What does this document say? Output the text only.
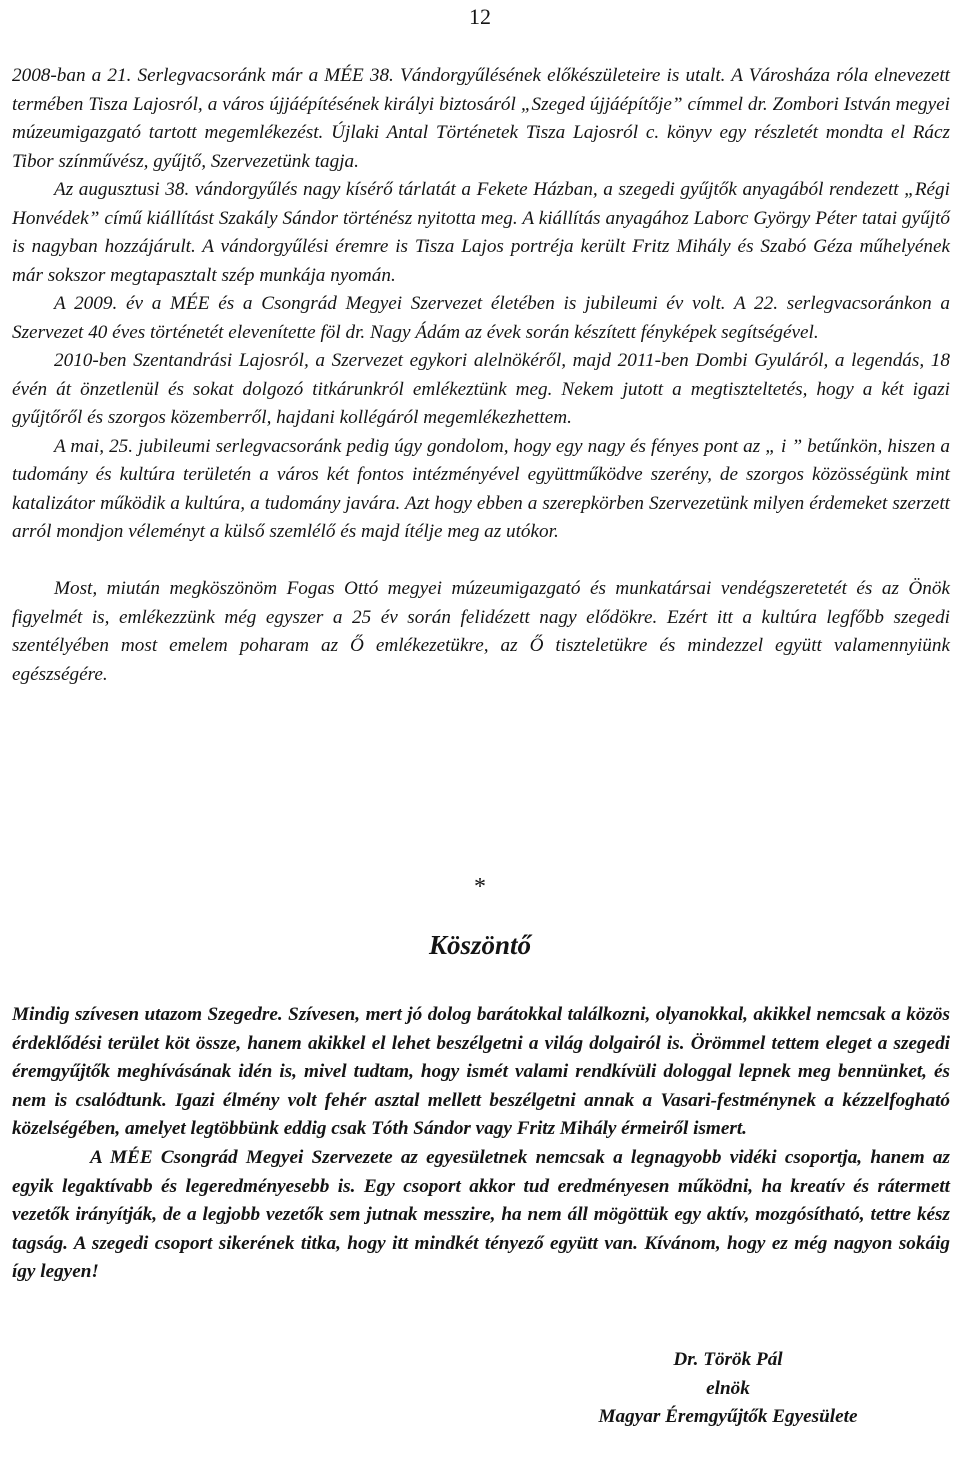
12

2008-ban a 21. Serlegvacsoránk már a MÉE 38. Vándorgyűlésének előkészületeire is utalt. A Városháza róla elnevezett termében Tisza Lajosról, a város újjáépítésének királyi biztosáról „Szeged újjáépítője” címmel dr. Zombori István megyei múzeumigazgató tartott megemlékezést. Újlaki Antal Történetek Tisza Lajosról c. könyv egy részletét mondta el Rácz Tibor színművész, gyűjtő, Szervezetünk tagja.

Az augusztusi 38. vándorgyűlés nagy kísérő tárlatát a Fekete Házban, a szegedi gyűjtők anyagából rendezett „Régi Honvédek” című kiállítást Szakály Sándor történész nyitotta meg. A kiállítás anyagához Laborc György Péter tatai gyűjtő is nagyban hozzájárult. A vándorgyűlési éremre is Tisza Lajos portréja került Fritz Mihály és Szabó Géza műhelyének már sokszor megtapasztalt szép munkája nyomán.

A 2009. év a MÉE és a Csongrád Megyei Szervezet életében is jubileumi év volt. A 22. serlegvacsoránkon a Szervezet 40 éves történetét elevenítette föl dr. Nagy Ádám az évek során készített fényképek segítségével.

2010-ben Szentandrási Lajosról, a Szervezet egykori alelnökéről, majd 2011-ben Dombi Gyuláról, a legendás, 18 évén át önzetlenül és sokat dolgozó titkárunkról emlékeztünk meg. Nekem jutott a megtiszteltetés, hogy a két igazi gyűjtőről és szorgos közemberről, hajdani kollégáról megemlékezhettem.

A mai, 25. jubileumi serlegvacsoránk pedig úgy gondolom, hogy egy nagy és fényes pont az „ i ” betűnkön, hiszen a tudomány és kultúra területén a város két fontos intézményével együttműködve szerény, de szorgos közösségünk mint katalizátor működik a kultúra, a tudomány javára. Azt hogy ebben a szerepkörben Szervezetünk milyen érdemeket szerzett arról mondjon véleményt a külső szemlélő és majd ítélje meg az utókor.

Most, miután megköszönöm Fogas Ottó megyei múzeumigazgató és munkatársai vendégszeretetét és az Önök figyelmét is, emlékezzünk még egyszer a 25 év során felidézett nagy elődökre. Ezért itt a kultúra legfőbb szegedi szentélyében most emelem poharam az Ő emlékezetükre, az Ő tiszteletükre és mindezzel együtt valamennyiünk egészségére.

*
Köszöntő

Mindig szívesen utazom Szegedre. Szívesen, mert jó dolog barátokkal találkozni, olyanokkal, akikkel nemcsak a közös érdeklődési terület köt össze, hanem akikkel el lehet beszélgetni a világ dolgairól is. Örömmel tettem eleget a szegedi éremgyűjtők meghívásának idén is, mivel tudtam, hogy ismét valami rendkívüli dologgal lepnek meg bennünket, és nem is csalódtunk. Igazi élmény volt fehér asztal mellett beszélgetni annak a Vasari-festménynek a kézzelfogható közelségében, amelyet legtöbbünk eddig csak Tóth Sándor vagy Fritz Mihály érmeiről ismert.

A MÉE Csongrád Megyei Szervezete az egyesületnek nemcsak a legnagyobb vidéki csoportja, hanem az egyik legaktívabb és legeredményesebb is. Egy csoport akkor tud eredményesen működni, ha kreatív és rátermett vezetők irányítják, de a legjobb vezetők sem jutnak messzire, ha nem áll mögöttük egy aktív, mozgósítható, tettre kész tagság. A szegedi csoport sikerének titka, hogy itt mindkét tényező együtt van. Kívánom, hogy ez még nagyon sokáig így legyen!

Dr. Török Pál
elnök
Magyar Éremgyűjtők Egyesülete
